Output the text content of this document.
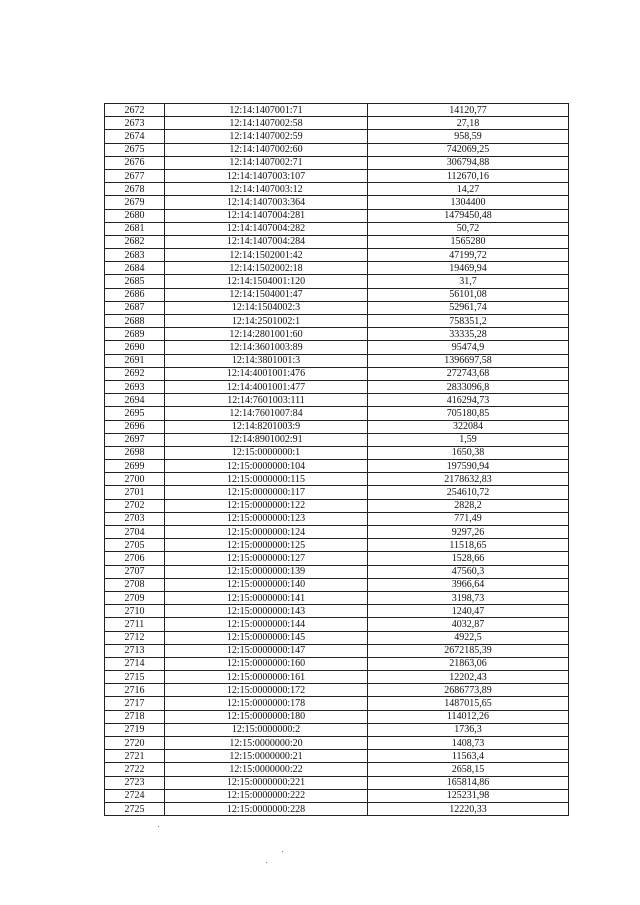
2672	12:14:1407001:71	14120,77
2673	12:14:1407002:58	27,18
2674	12:14:1407002:59	958,59
2675	12:14:1407002:60	742069,25
2676	12:14:1407002:71	306794,88
2677	12:14:1407003:107	112670,16
2678	12:14:1407003:12	14,27
2679	12:14:1407003:364	1304400
2680	12:14:1407004:281	1479450,48
2681	12:14:1407004:282	50,72
2682	12:14:1407004:284	1565280
2683	12:14:1502001:42	47199,72
2684	12:14:1502002:18	19469,94
2685	12:14:1504001:120	31,7
2686	12:14:1504001:47	56101,08
2687	12:14:1504002:3	52961,74
2688	12:14:2501002:1	758351,2
2689	12:14:2801001:60	33335,28
2690	12:14:3601003:89	95474,9
2691	12:14:3801001:3	1396697,58
2692	12:14:4001001:476	272743,68
2693	12:14:4001001:477	2833096,8
2694	12:14:7601003:111	416294,73
2695	12:14:7601007:84	705180,85
2696	12:14:8201003:9	322084
2697	12:14:8901002:91	1,59
2698	12:15:0000000:1	1650,38
2699	12:15:0000000:104	197590,94
2700	12:15:0000000:115	2178632,83
2701	12:15:0000000:117	254610,72
2702	12:15:0000000:122	2828,2
2703	12:15:0000000:123	771,49
2704	12:15:0000000:124	9297,26
2705	12:15:0000000:125	11518,65
2706	12:15:0000000:127	1528,66
2707	12:15:0000000:139	47560,3
2708	12:15:0000000:140	3966,64
2709	12:15:0000000:141	3198,73
2710	12:15:0000000:143	1240,47
2711	12:15:0000000:144	4032,87
2712	12:15:0000000:145	4922,5
2713	12:15:0000000:147	2672185,39
2714	12:15:0000000:160	21863,06
2715	12:15:0000000:161	12202,43
2716	12:15:0000000:172	2686773,89
2717	12:15:0000000:178	1487015,65
2718	12:15:0000000:180	114012,26
2719	12:15:0000000:2	1736,3
2720	12:15:0000000:20	1408,73
2721	12:15:0000000:21	11563,4
2722	12:15:0000000:22	2658,15
2723	12:15:0000000:221	165814,86
2724	12:15:0000000:222	125231,98
2725	12:15:0000000:228	12220,33
